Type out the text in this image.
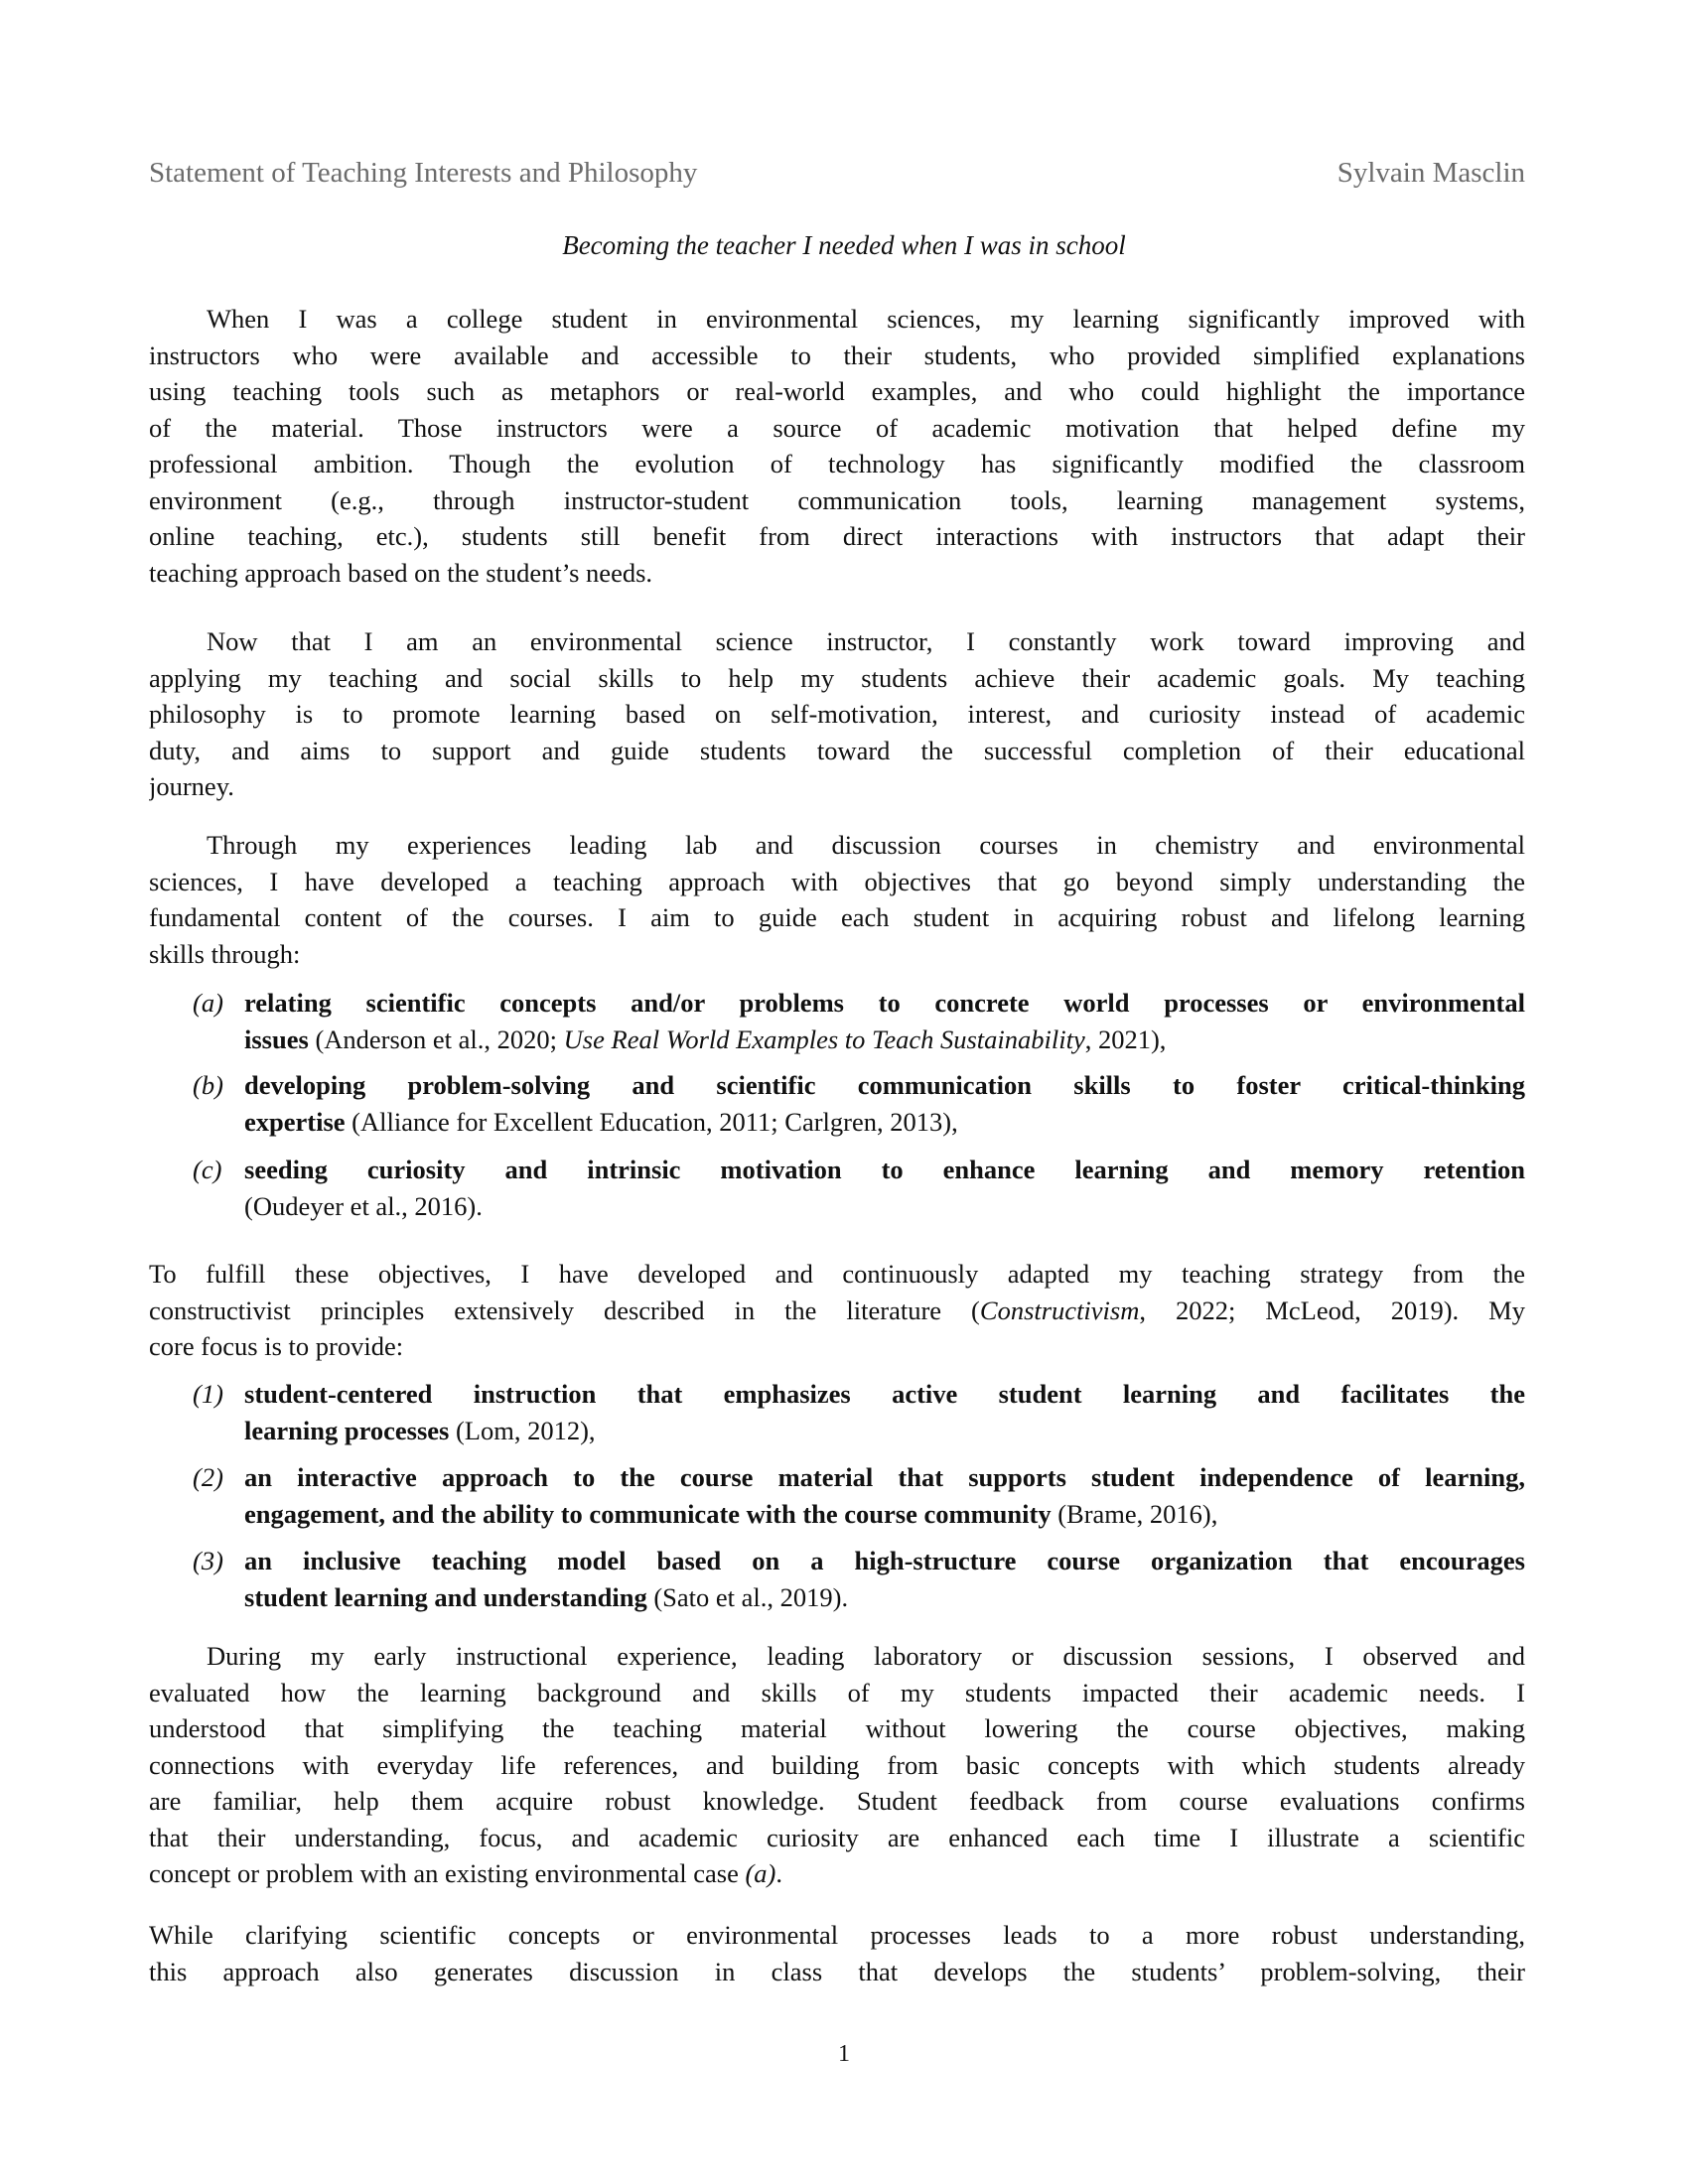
Statement of Teaching Interests and Philosophy	Sylvain Masclin
Becoming the teacher I needed when I was in school
When I was a college student in environmental sciences, my learning significantly improved with
instructors who were available and accessible to their students, who provided simplified explanations
using teaching tools such as metaphors or real-world examples, and who could highlight the importance
of the material. Those instructors were a source of academic motivation that helped define my
professional ambition. Though the evolution of technology has significantly modified the classroom
environment (e.g., through instructor-student communication tools, learning management systems,
online teaching, etc.), students still benefit from direct interactions with instructors that adapt their
teaching approach based on the student’s needs.
Now that I am an environmental science instructor, I constantly work toward improving and
applying my teaching and social skills to help my students achieve their academic goals. My teaching
philosophy is to promote learning based on self-motivation, interest, and curiosity instead of academic
duty, and aims to support and guide students toward the successful completion of their educational
journey.
Through my experiences leading lab and discussion courses in chemistry and environmental
sciences, I have developed a teaching approach with objectives that go beyond simply understanding the
fundamental content of the courses. I aim to guide each student in acquiring robust and lifelong learning
skills through:
(a) relating scientific concepts and/or problems to concrete world processes or environmental
issues (Anderson et al., 2020; Use Real World Examples to Teach Sustainability, 2021),
(b) developing problem-solving and scientific communication skills to foster critical-thinking
expertise (Alliance for Excellent Education, 2011; Carlgren, 2013),
(c) seeding curiosity and intrinsic motivation to enhance learning and memory retention
(Oudeyer et al., 2016).
To fulfill these objectives, I have developed and continuously adapted my teaching strategy from the
constructivist principles extensively described in the literature (Constructivism, 2022; McLeod, 2019). My
core focus is to provide:
(1) student-centered instruction that emphasizes active student learning and facilitates the
learning processes (Lom, 2012),
(2) an interactive approach to the course material that supports student independence of learning,
engagement, and the ability to communicate with the course community (Brame, 2016),
(3) an inclusive teaching model based on a high-structure course organization that encourages
student learning and understanding (Sato et al., 2019).
During my early instructional experience, leading laboratory or discussion sessions, I observed and
evaluated how the learning background and skills of my students impacted their academic needs. I
understood that simplifying the teaching material without lowering the course objectives, making
connections with everyday life references, and building from basic concepts with which students already
are familiar, help them acquire robust knowledge. Student feedback from course evaluations confirms
that their understanding, focus, and academic curiosity are enhanced each time I illustrate a scientific
concept or problem with an existing environmental case (a).
While clarifying scientific concepts or environmental processes leads to a more robust understanding,
this approach also generates discussion in class that develops the students’ problem-solving, their
1
